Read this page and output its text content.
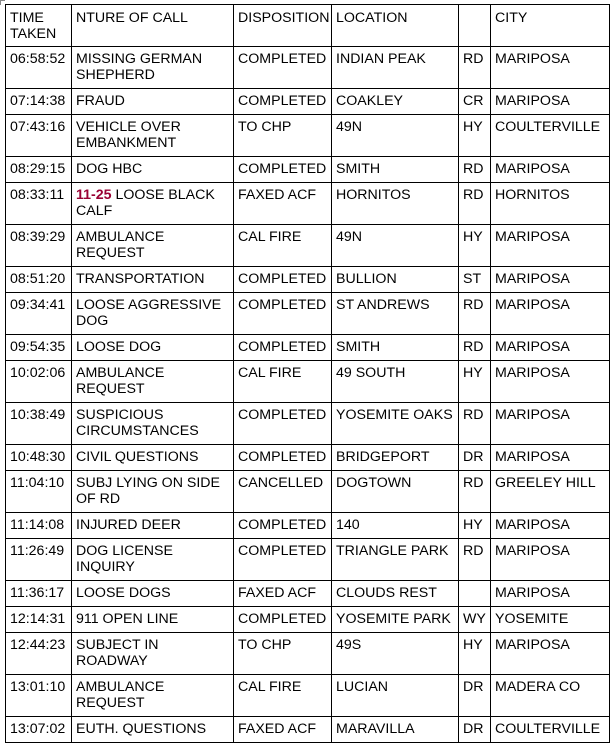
TIME TAKEN	NTURE OF CALL	DISPOSITION	LOCATION		CITY
06:58:52	MISSING GERMAN SHEPHERD	COMPLETED	INDIAN PEAK	RD	MARIPOSA
07:14:38	FRAUD	COMPLETED	COAKLEY	CR	MARIPOSA
07:43:16	VEHICLE OVER EMBANKMENT	TO CHP	49N	HY	COULTERVILLE
08:29:15	DOG HBC	COMPLETED	SMITH	RD	MARIPOSA
08:33:11	11-25 LOOSE BLACK CALF	FAXED ACF	HORNITOS	RD	HORNITOS
08:39:29	AMBULANCE REQUEST	CAL FIRE	49N	HY	MARIPOSA
08:51:20	TRANSPORTATION	COMPLETED	BULLION	ST	MARIPOSA
09:34:41	LOOSE AGGRESSIVE DOG	COMPLETED	ST ANDREWS	RD	MARIPOSA
09:54:35	LOOSE DOG	COMPLETED	SMITH	RD	MARIPOSA
10:02:06	AMBULANCE REQUEST	CAL FIRE	49 SOUTH	HY	MARIPOSA
10:38:49	SUSPICIOUS CIRCUMSTANCES	COMPLETED	YOSEMITE OAKS	RD	MARIPOSA
10:48:30	CIVIL QUESTIONS	COMPLETED	BRIDGEPORT	DR	MARIPOSA
11:04:10	SUBJ LYING ON SIDE OF RD	CANCELLED	DOGTOWN	RD	GREELEY HILL
11:14:08	INJURED DEER	COMPLETED	140	HY	MARIPOSA
11:26:49	DOG LICENSE INQUIRY	COMPLETED	TRIANGLE PARK	RD	MARIPOSA
11:36:17	LOOSE DOGS	FAXED ACF	CLOUDS REST		MARIPOSA
12:14:31	911 OPEN LINE	COMPLETED	YOSEMITE PARK	WY	YOSEMITE
12:44:23	SUBJECT IN ROADWAY	TO CHP	49S	HY	MARIPOSA
13:01:10	AMBULANCE REQUEST	CAL FIRE	LUCIAN	DR	MADERA CO
13:07:02	EUTH. QUESTIONS	FAXED ACF	MARAVILLA	DR	COULTERVILLE
